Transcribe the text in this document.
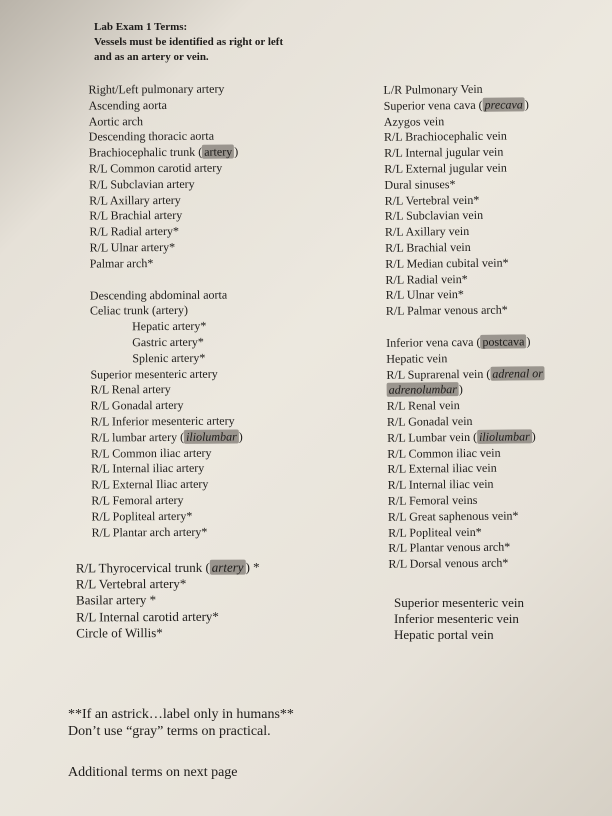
Lab Exam 1 Terms:
Vessels must be identified as right or left
and as an artery or vein.
Right/Left pulmonary artery
Ascending aorta
Aortic arch
Descending thoracic aorta
Brachiocephalic trunk ( artery )
R/L Common carotid artery
R/L Subclavian artery
R/L Axillary artery
R/L Brachial artery
R/L Radial artery*
R/L Ulnar artery*
Palmar arch*
Descending abdominal aorta
Celiac trunk (artery)
Hepatic artery*
Gastric artery*
Splenic artery*
Superior mesenteric artery
R/L Renal artery
R/L Gonadal artery
R/L Inferior mesenteric artery
R/L lumbar artery ( iliolumbar )
R/L Common iliac artery
R/L Internal iliac artery
R/L External Iliac artery
R/L Femoral artery
R/L Popliteal artery*
R/L Plantar arch artery*
L/R Pulmonary Vein
Superior vena cava ( precava )
Azygos vein
R/L Brachiocephalic vein
R/L Internal jugular vein
R/L External jugular vein
Dural sinuses*
R/L Vertebral vein*
R/L Subclavian vein
R/L Axillary vein
R/L Brachial vein
R/L Median cubital vein*
R/L Radial vein*
R/L Ulnar vein*
R/L Palmar venous arch*
Inferior vena cava ( postcava )
Hepatic vein
R/L Suprarenal vein ( adrenal or
adrenolumbar )
R/L Renal vein
R/L Gonadal vein
R/L Lumbar vein ( iliolumbar )
R/L Common iliac vein
R/L External iliac vein
R/L Internal iliac vein
R/L Femoral veins
R/L Great saphenous vein*
R/L Popliteal vein*
R/L Plantar venous arch*
R/L Dorsal venous arch*
R/L Thyrocervical trunk ( artery ) *
R/L Vertebral artery*
Basilar artery *
R/L Internal carotid artery*
Circle of Willis*
Superior mesenteric vein
Inferior mesenteric vein
Hepatic portal vein
**If an astrick…label only in humans**
Don’t use “gray” terms on practical.
Additional terms on next page
